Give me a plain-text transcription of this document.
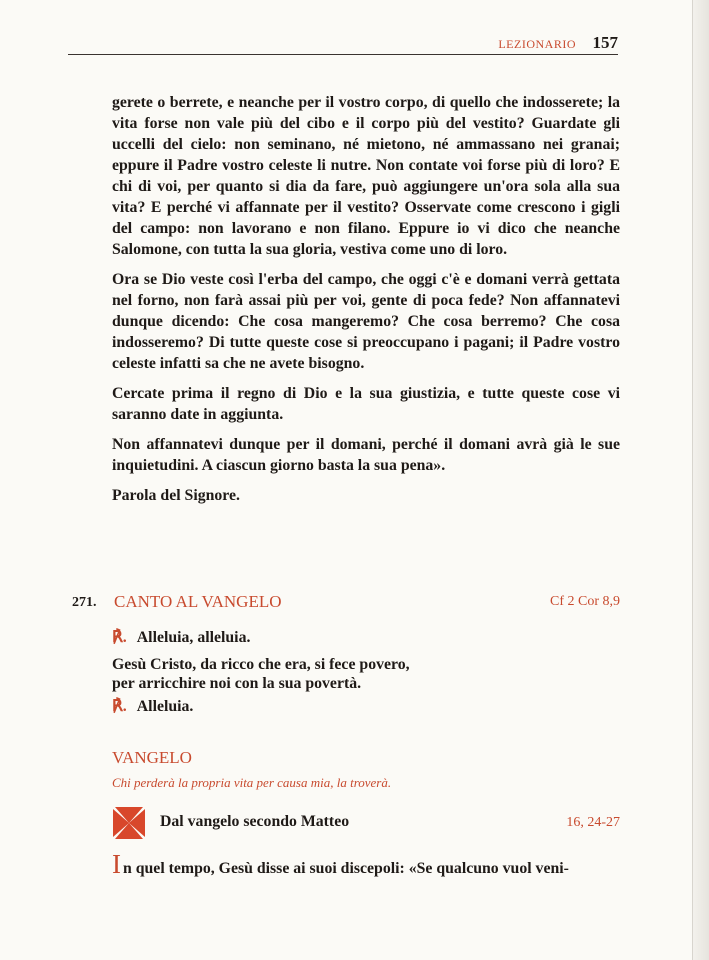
LEZIONARIO 157

gerete o berrete, e neanche per il vostro corpo, di quello che indosserete; la vita forse non vale più del cibo e il corpo più del vestito? Guardate gli uccelli del cielo: non seminano, né mietono, né ammassano nei granai; eppure il Padre vostro celeste li nutre. Non contate voi forse più di loro? E chi di voi, per quanto si dia da fare, può aggiungere un'ora sola alla sua vita? E perché vi affannate per il vestito? Osservate come crescono i gigli del campo: non lavorano e non filano. Eppure io vi dico che neanche Salomone, con tutta la sua gloria, vestiva come uno di loro.

Ora se Dio veste così l'erba del campo, che oggi c'è e domani verrà gettata nel forno, non farà assai più per voi, gente di poca fede? Non affannatevi dunque dicendo: Che cosa mangeremo? Che cosa berremo? Che cosa indosseremo? Di tutte queste cose si preoccupano i pagani; il Padre vostro celeste infatti sa che ne avete bisogno.

Cercate prima il regno di Dio e la sua giustizia, e tutte queste cose vi saranno date in aggiunta.

Non affannatevi dunque per il domani, perché il domani avrà già le sue inquietudini. A ciascun giorno basta la sua pena».

Parola del Signore.

271. CANTO AL VANGELO	Cf 2 Cor 8,9

℟. Alleluia, alleluia.

Gesù Cristo, da ricco che era, si fece povero,

per arricchire noi con la sua povertà.

℟. Alleluia.

VANGELO
Chi perderà la propria vita per causa mia, la troverà.
Dal vangelo secondo Matteo	16, 24-27
In quel tempo, Gesù disse ai suoi discepoli: «Se qualcuno vuol veni-
